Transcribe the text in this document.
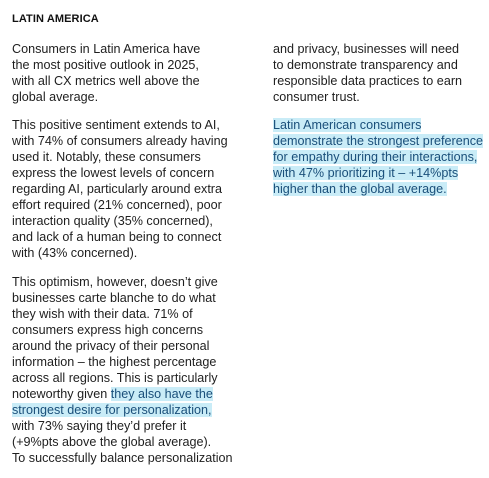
LATIN AMERICA
Consumers in Latin America have
the most positive outlook in 2025,
with all CX metrics well above the
global average.
This positive sentiment extends to AI,
with 74% of consumers already having
used it. Notably, these consumers
express the lowest levels of concern
regarding AI, particularly around extra
effort required (21% concerned), poor
interaction quality (35% concerned),
and lack of a human being to connect
with (43% concerned).
This optimism, however, doesn’t give
businesses carte blanche to do what
they wish with their data. 71% of
consumers express high concerns
around the privacy of their personal
information – the highest percentage
across all regions. This is particularly
noteworthy given they also have the
strongest desire for personalization,
with 73% saying they’d prefer it
(+9%pts above the global average).
To successfully balance personalization
and privacy, businesses will need
to demonstrate transparency and
responsible data practices to earn
consumer trust.
Latin American consumers
demonstrate the strongest preference
for empathy during their interactions,
with 47% prioritizing it – +14%pts
higher than the global average.
